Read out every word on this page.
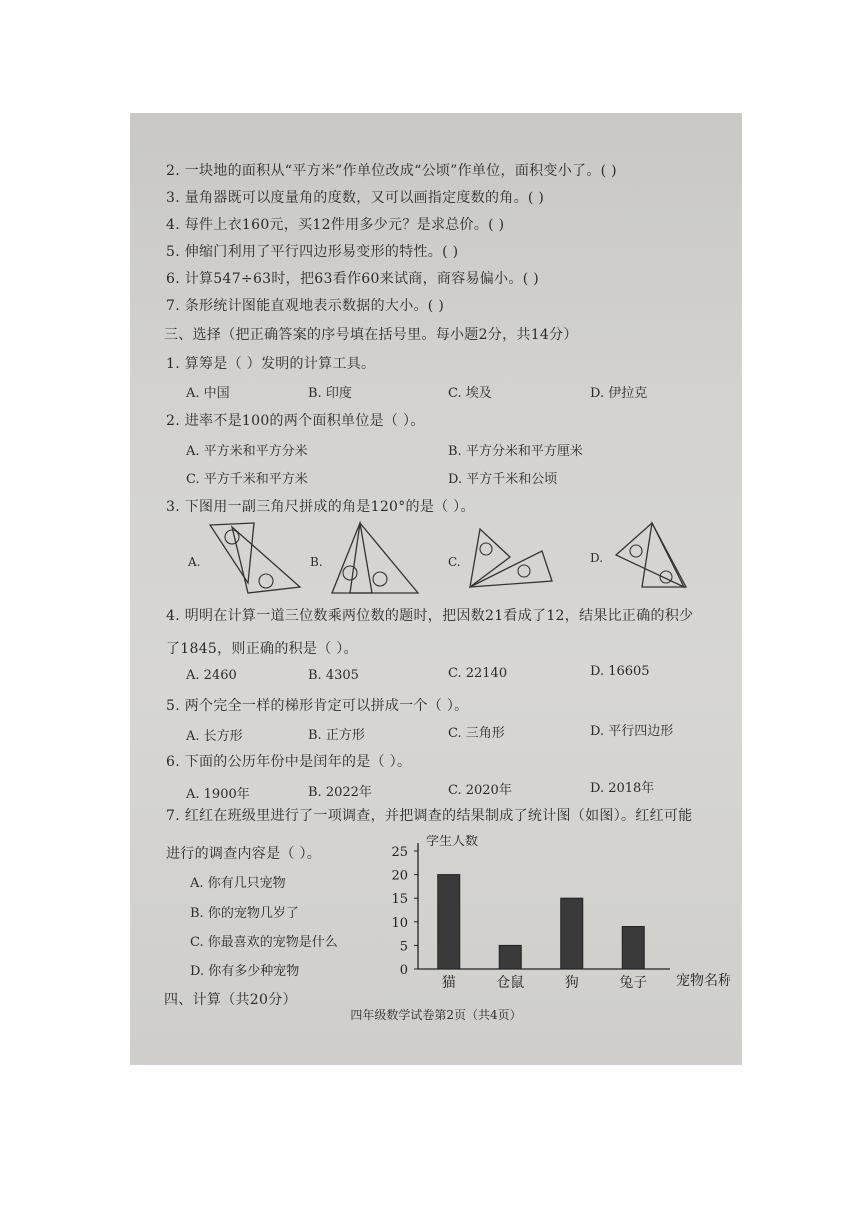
2. 一块地的面积从“平方米”作单位改成“公顷”作单位，面积变小了。( )
3. 量角器既可以度量角的度数，又可以画指定度数的角。( )
4. 每件上衣160元，买12件用多少元？是求总价。( )
5. 伸缩门利用了平行四边形易变形的特性。( )
6. 计算547÷63时，把63看作60来试商，商容易偏小。( )
7. 条形统计图能直观地表示数据的大小。( )
三、选择（把正确答案的序号填在括号里。每小题2分，共14分）
1. 算筹是（ ）发明的计算工具。
A. 中国	B. 印度	C. 埃及	D. 伊拉克
2. 进率不是100的两个面积单位是（ ）。
A. 平方米和平方分米	B. 平方分米和平方厘米
C. 平方千米和平方米	D. 平方千米和公顷
3. 下图用一副三角尺拼成的角是120°的是（ ）。
A.	B.	C.	D.
4. 明明在计算一道三位数乘两位数的题时，把因数21看成了12，结果比正确的积少
了1845，则正确的积是（ ）。
A. 2460	B. 4305	C. 22140	D. 16605
5. 两个完全一样的梯形肯定可以拼成一个（ ）。
A. 长方形	B. 正方形	C. 三角形	D. 平行四边形
6. 下面的公历年份中是闰年的是（ ）。
A. 1900年	B. 2022年	C. 2020年	D. 2018年
7. 红红在班级里进行了一项调查，并把调查的结果制成了统计图（如图）。红红可能
进行的调查内容是（ ）。
A. 你有几只宠物
B. 你的宠物几岁了
C. 你最喜欢的宠物是什么
D. 你有多少种宠物
四、计算（共20分）
0
5
10
15
20
25
学生人数
猫	仓鼠	狗	兔子 宠物名称
四年级数学试卷第2页（共4页）
